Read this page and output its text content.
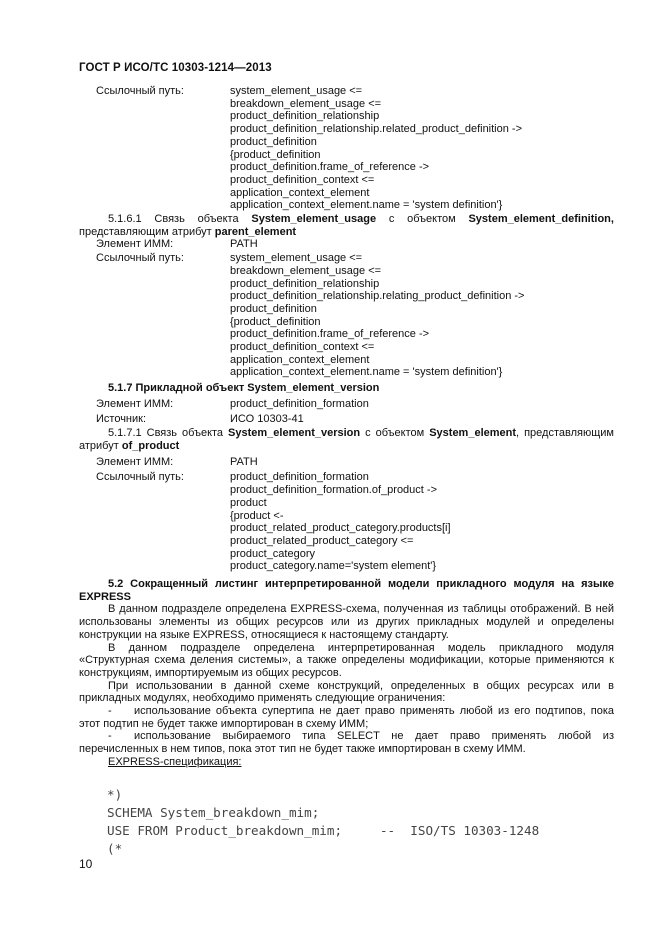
ГОСТ Р ИСО/ТС 10303-1214—2013
Ссылочный путь:	system_element_usage <=
breakdown_element_usage <=
product_definition_relationship
product_definition_relationship.related_product_definition ->
product_definition
{product_definition
product_definition.frame_of_reference ->
product_definition_context <=
application_context_element
application_context_element.name = 'system definition'}
5.1.6.1 Связь объекта System_element_usage с объектом System_element_definition,
представляющим атрибут parent_element
Элемент ИММ:	PATH
Ссылочный путь:	system_element_usage <=
breakdown_element_usage <=
product_definition_relationship
product_definition_relationship.relating_product_definition ->
product_definition
{product_definition
product_definition.frame_of_reference ->
product_definition_context <=
application_context_element
application_context_element.name = 'system definition'}
5.1.7 Прикладной объект System_element_version
Элемент ИММ:	product_definition_formation
Источник:	ИСО 10303-41
5.1.7.1 Связь объекта System_element_version с объектом System_element, представляющим
атрибут of_product
Элемент ИММ:	PATH
Ссылочный путь:	product_definition_formation
product_definition_formation.of_product ->
product
{product <-
product_related_product_category.products[i]
product_related_product_category <=
product_category
product_category.name='system element'}
5.2 Сокращенный листинг интерпретированной модели прикладного модуля на языке
EXPRESS
В данном подразделе определена EXPRESS-схема, полученная из таблицы отображений. В ней
использованы элементы из общих ресурсов или из других прикладных модулей и определены
конструкции на языке EXPRESS, относящиеся к настоящему стандарту.
В данном подразделе определена интерпретированная модель прикладного модуля
«Структурная схема деления системы», а также определены модификации, которые применяются к
конструкциям, импортируемым из общих ресурсов.
При использовании в данной схеме конструкций, определенных в общих ресурсах или в
прикладных модулях, необходимо применять следующие ограничения:
-	использование объекта супертипа не дает право применять любой из его подтипов, пока
этот подтип не будет также импортирован в схему ИММ;
-	использование выбираемого типа SELECT не дает право применять любой из
перечисленных в нем типов, пока этот тип не будет также импортирован в схему ИММ.
EXPRESS-спецификация:
*)
SCHEMA System_breakdown_mim;
USE FROM Product_breakdown_mim;     --  ISO/TS 10303-1248
(*
10
